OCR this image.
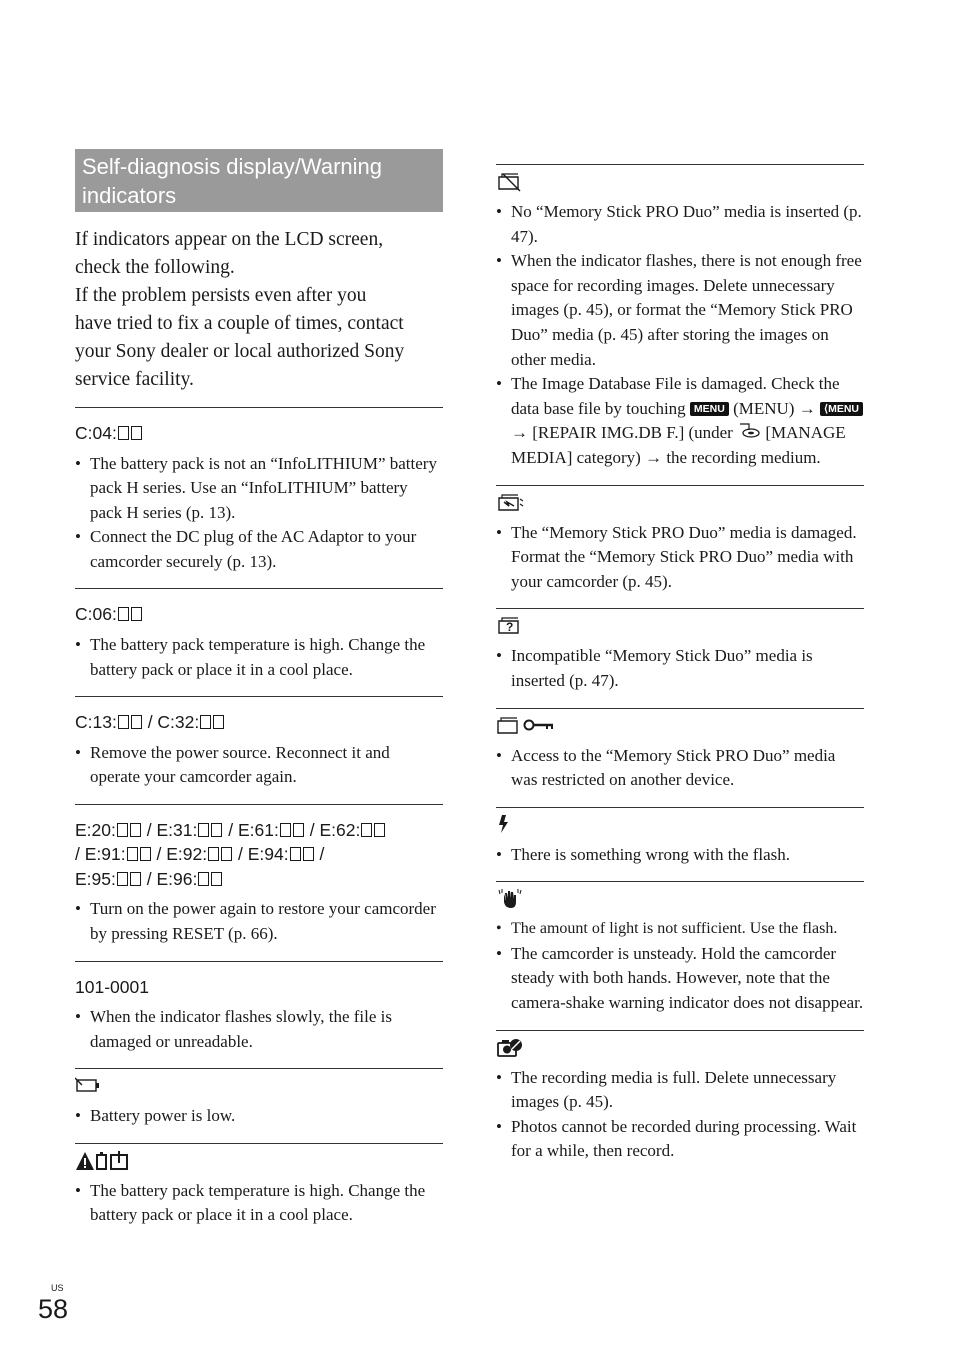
Self-diagnosis display/Warning
indicators

If indicators appear on the LCD screen,
check the following.
If the problem persists even after you
have tried to fix a couple of times, contact
your Sony dealer or local authorized Sony
service facility.

C:04:

• The battery pack is not an “InfoLITHIUM” battery pack H series. Use an “InfoLITHIUM” battery pack H series (p. 13).
• Connect the DC plug of the AC Adaptor to your camcorder securely (p. 13).

C:06:

• The battery pack temperature is high. Change the battery pack or place it in a cool place.

C:13: / C:32:

• Remove the power source. Reconnect it and operate your camcorder again.

E:20: / E:31: / E:61: / E:62:
/ E:91: / E:92: / E:94: /
E:95: / E:96:

• Turn on the power again to restore your camcorder by pressing RESET (p. 66).

101-0001

• When the indicator flashes slowly, the file is damaged or unreadable.
• Battery power is low.
• The battery pack temperature is high. Change the battery pack or place it in a cool place.
• No “Memory Stick PRO Duo” media is inserted (p. 47).
• When the indicator flashes, there is not enough free space for recording images. Delete unnecessary images (p. 45), or format the “Memory Stick PRO Duo” media (p. 45) after storing the images on other media.
• The Image Database File is damaged. Check the data base file by touching MENU (MENU) → ⟨MENU → [REPAIR IMG.DB F.] (under [MANAGE MEDIA] category) → the recording medium.
• The “Memory Stick PRO Duo” media is damaged. Format the “Memory Stick PRO Duo” media with your camcorder (p. 45).
?
• Incompatible “Memory Stick Duo” media is inserted (p. 47).
• Access to the “Memory Stick PRO Duo” media was restricted on another device.
• There is something wrong with the flash.
• The amount of light is not sufficient. Use the flash.
• The camcorder is unsteady. Hold the camcorder steady with both hands. However, note that the camera-shake warning indicator does not disappear.
• The recording media is full. Delete unnecessary images (p. 45).
• Photos cannot be recorded during processing. Wait for a while, then record.
US
58
